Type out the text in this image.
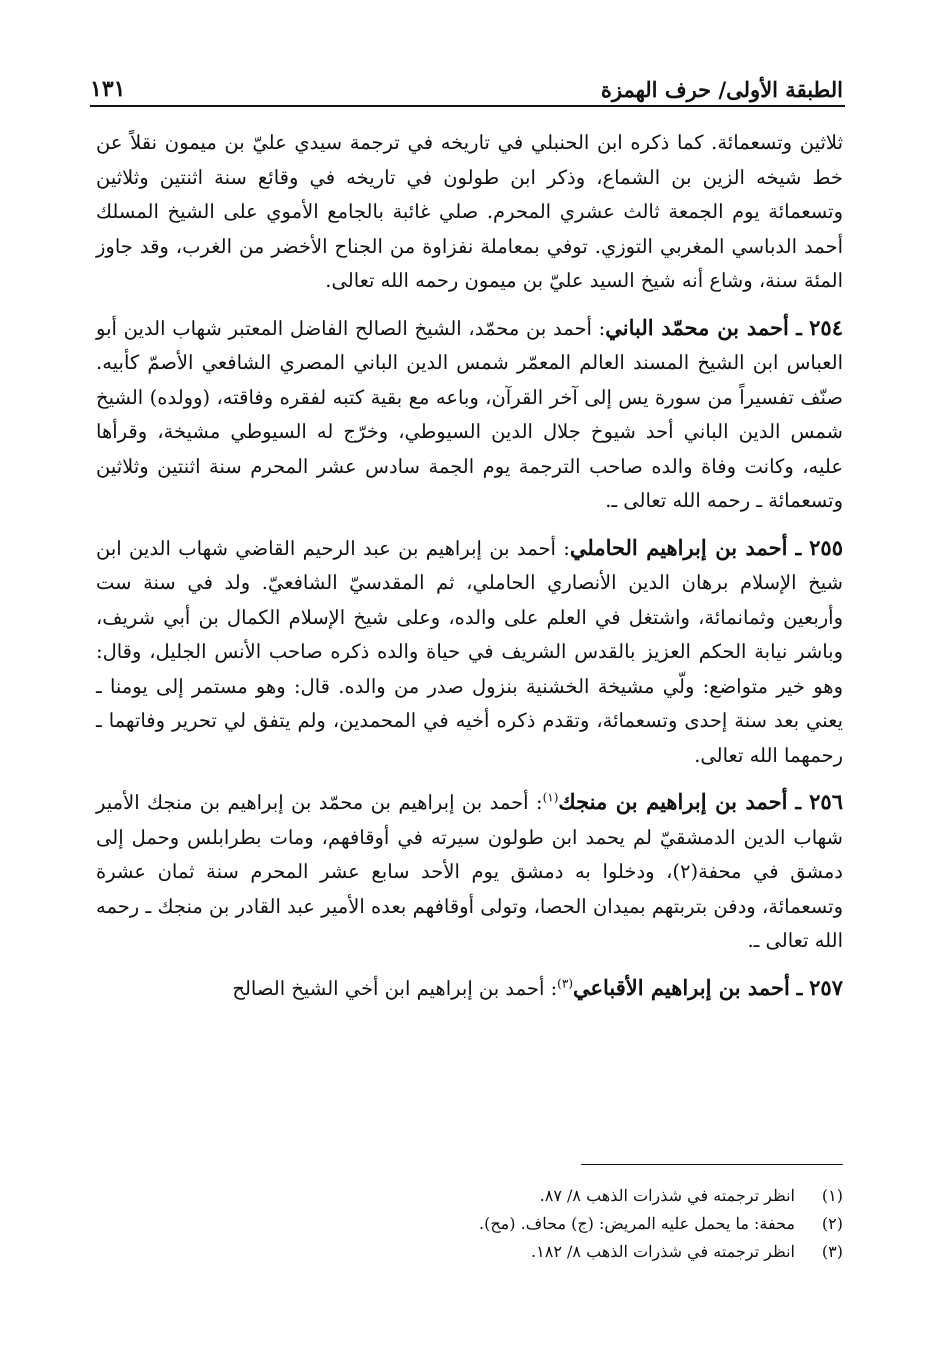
الطبقة الأولى/ حرف الهمزة
١٣١

ثلاثين وتسعمائة. كما ذكره ابن الحنبلي في تاريخه في ترجمة سيدي عليّ بن ميمون نقلاً عن خط شيخه الزين بن الشماع، وذكر ابن طولون في تاريخه في وقائع سنة اثنتين وثلاثين وتسعمائة يوم الجمعة ثالث عشري المحرم. صلي غائبة بالجامع الأموي على الشيخ المسلك أحمد الدباسي المغربي التوزي. توفي بمعاملة نفزاوة من الجناح الأخضر من الغرب، وقد جاوز المئة سنة، وشاع أنه شيخ السيد عليّ بن ميمون رحمه الله تعالى.

٢٥٤ ـ أحمد بن محمّد الباني: أحمد بن محمّد، الشيخ الصالح الفاضل المعتبر شهاب الدين أبو العباس ابن الشيخ المسند العالم المعمّر شمس الدين الباني المصري الشافعي الأصمّ كأبيه. صنّف تفسيراً من سورة يس إلى آخر القرآن، وباعه مع بقية كتبه لفقره وفاقته، (وولده) الشيخ شمس الدين الباني أحد شيوخ جلال الدين السيوطي، وخرّج له السيوطي مشيخة، وقرأها عليه، وكانت وفاة والده صاحب الترجمة يوم الجمة سادس عشر المحرم سنة اثنتين وثلاثين وتسعمائة ـ رحمه الله تعالى ـ.

٢٥٥ ـ أحمد بن إبراهيم الحاملي: أحمد بن إبراهيم بن عبد الرحيم القاضي شهاب الدين ابن شيخ الإسلام برهان الدين الأنصاري الحاملي، ثم المقدسيّ الشافعيّ. ولد في سنة ست وأربعين وثمانمائة، واشتغل في العلم على والده، وعلى شيخ الإسلام الكمال بن أبي شريف، وباشر نيابة الحكم العزيز بالقدس الشريف في حياة والده ذكره صاحب الأنس الجليل، وقال: وهو خير متواضع: ولّي مشيخة الخشنية بنزول صدر من والده. قال: وهو مستمر إلى يومنا ـ يعني بعد سنة إحدى وتسعمائة، وتقدم ذكره أخيه في المحمدين، ولم يتفق لي تحرير وفاتهما ـ رحمهما الله تعالى.

٢٥٦ ـ أحمد بن إبراهيم بن منجك$^{(١)}$: أحمد بن إبراهيم بن محمّد بن إبراهيم بن منجك الأمير شهاب الدين الدمشقيّ لم يحمد ابن طولون سيرته في أوقافهم، ومات بطرابلس وحمل إلى دمشق في محفة(٢)، ودخلوا به دمشق يوم الأحد سابع عشر المحرم سنة ثمان عشرة وتسعمائة، ودفن بتربتهم بميدان الحصا، وتولى أوقافهم بعده الأمير عبد القادر بن منجك ـ رحمه الله تعالى ـ.

٢٥٧ ـ أحمد بن إبراهيم الأقباعي$^{(٣)}$: أحمد بن إبراهيم ابن أخي الشيخ الصالح

(١)
انظر ترجمته في شذرات الذهب ٨/ ٨٧.
(٢)
محفة: ما يحمل عليه المريض: (ج) محاف. (مح).
(٣)
انظر ترجمته في شذرات الذهب ٨/ ١٨٢.
